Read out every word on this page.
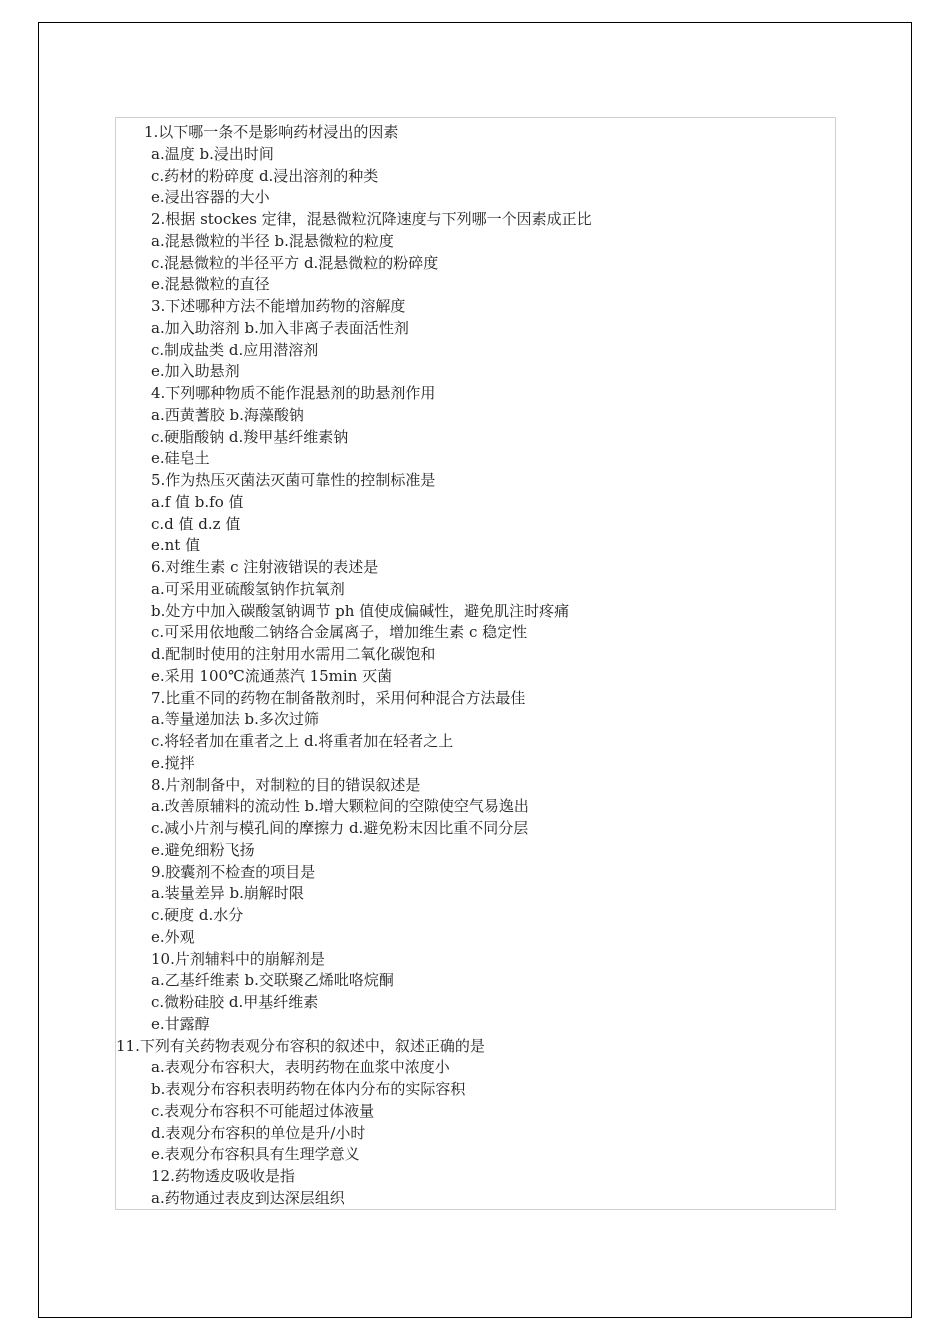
1.以下哪一条不是影响药材浸出的因素
a.温度 b.浸出时间
c.药材的粉碎度 d.浸出溶剂的种类
e.浸出容器的大小
2.根据 stockes 定律，混悬微粒沉降速度与下列哪一个因素成正比
a.混悬微粒的半径 b.混悬微粒的粒度
c.混悬微粒的半径平方 d.混悬微粒的粉碎度
e.混悬微粒的直径
3.下述哪种方法不能增加药物的溶解度
a.加入助溶剂 b.加入非离子表面活性剂
c.制成盐类 d.应用潜溶剂
e.加入助悬剂
4.下列哪种物质不能作混悬剂的助悬剂作用
a.西黄蓍胶 b.海藻酸钠
c.硬脂酸钠 d.羧甲基纤维素钠
e.硅皂土
5.作为热压灭菌法灭菌可靠性的控制标准是
a.f 值 b.fo 值
c.d 值 d.z 值
e.nt 值
6.对维生素 c 注射液错误的表述是
a.可采用亚硫酸氢钠作抗氧剂
b.处方中加入碳酸氢钠调节 ph 值使成偏碱性，避免肌注时疼痛
c.可采用依地酸二钠络合金属离子，增加维生素 c 稳定性
d.配制时使用的注射用水需用二氧化碳饱和
e.采用 100℃流通蒸汽 15min 灭菌
7.比重不同的药物在制备散剂时，采用何种混合方法最佳
a.等量递加法 b.多次过筛
c.将轻者加在重者之上 d.将重者加在轻者之上
e.搅拌
8.片剂制备中，对制粒的目的错误叙述是
a.改善原辅料的流动性 b.增大颗粒间的空隙使空气易逸出
c.减小片剂与模孔间的摩擦力 d.避免粉末因比重不同分层
e.避免细粉飞扬
9.胶囊剂不检查的项目是
a.装量差异 b.崩解时限
c.硬度 d.水分
e.外观
10.片剂辅料中的崩解剂是
a.乙基纤维素 b.交联聚乙烯吡咯烷酮
c.微粉硅胶 d.甲基纤维素
e.甘露醇
11.下列有关药物表观分布容积的叙述中，叙述正确的是
a.表观分布容积大，表明药物在血浆中浓度小
b.表观分布容积表明药物在体内分布的实际容积
c.表观分布容积不可能超过体液量
d.表观分布容积的单位是升/小时
e.表观分布容积具有生理学意义
12.药物透皮吸收是指
a.药物通过表皮到达深层组织
